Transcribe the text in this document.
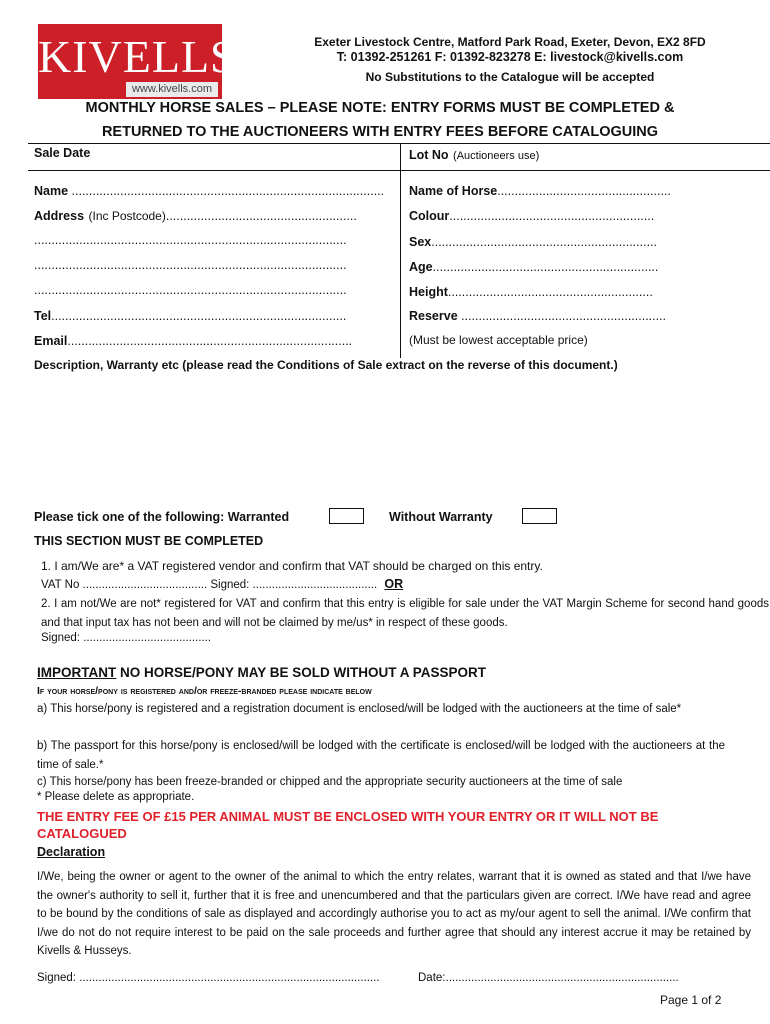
KIVELLS
www.kivells.com
Exeter Livestock Centre, Matford Park Road, Exeter, Devon, EX2 8FD
T: 01392-251261 F: 01392-823278 E: livestock@kivells.com
No Substitutions to the Catalogue will be accepted
MONTHLY HORSE SALES – PLEASE NOTE: ENTRY FORMS MUST BE COMPLETED &
RETURNED TO THE AUCTIONEERS WITH ENTRY FEES BEFORE CATALOGUING
Sale Date
Name ..........................................................................................
Address (Inc Postcode).......................................................
..........................................................................................
..........................................................................................
..........................................................................................
Tel.....................................................................................
Email..................................................................................
Lot No (Auctioneers use)
Name of Horse..................................................
Colour...........................................................
Sex.................................................................
Age.................................................................
Height...........................................................
Reserve ...........................................................
(Must be lowest acceptable price)
Description, Warranty etc (please read the Conditions of Sale extract on the reverse of this document.)
Please tick one of the following: Warranted	Without Warranty
THIS SECTION MUST BE COMPLETED
1. I am/We are* a VAT registered vendor and confirm that VAT should be charged on this entry.
VAT No ....................................... Signed: ....................................... OR
2. I am not/We are not* registered for VAT and confirm that this entry is eligible for sale under the VAT Margin Scheme for second hand goods and that input tax has not been and will not be claimed by me/us* in respect of these goods.
Signed: ........................................
IMPORTANT NO HORSE/PONY MAY BE SOLD WITHOUT A PASSPORT
If your horse/pony is registered and/or freeze-branded please indicate below
a) This horse/pony is registered and a registration document is enclosed/will be lodged with the auctioneers at the time of sale*
b) The passport for this horse/pony is enclosed/will be lodged with the certificate is enclosed/will be lodged with the auctioneers at the time of sale.*
c) This horse/pony has been freeze-branded or chipped and the appropriate security auctioneers at the time of sale
* Please delete as appropriate.
THE ENTRY FEE OF £15 PER ANIMAL MUST BE ENCLOSED WITH YOUR ENTRY OR IT WILL NOT BE CATALOGUED
Declaration
I/We, being the owner or agent to the owner of the animal to which the entry relates, warrant that it is owned as stated and that I/we have the owner's authority to sell it, further that it is free and unencumbered and that the particulars given are correct. I/We have read and agree to be bound by the conditions of sale as displayed and accordingly authorise you to act as my/our agent to sell the animal. I/We confirm that I/we do not do not require interest to be paid on the sale proceeds and further agree that should any interest accrue it may be retained by Kivells & Husseys.
Signed: ..............................................................................................	Date:.........................................................................
Page 1 of 2
